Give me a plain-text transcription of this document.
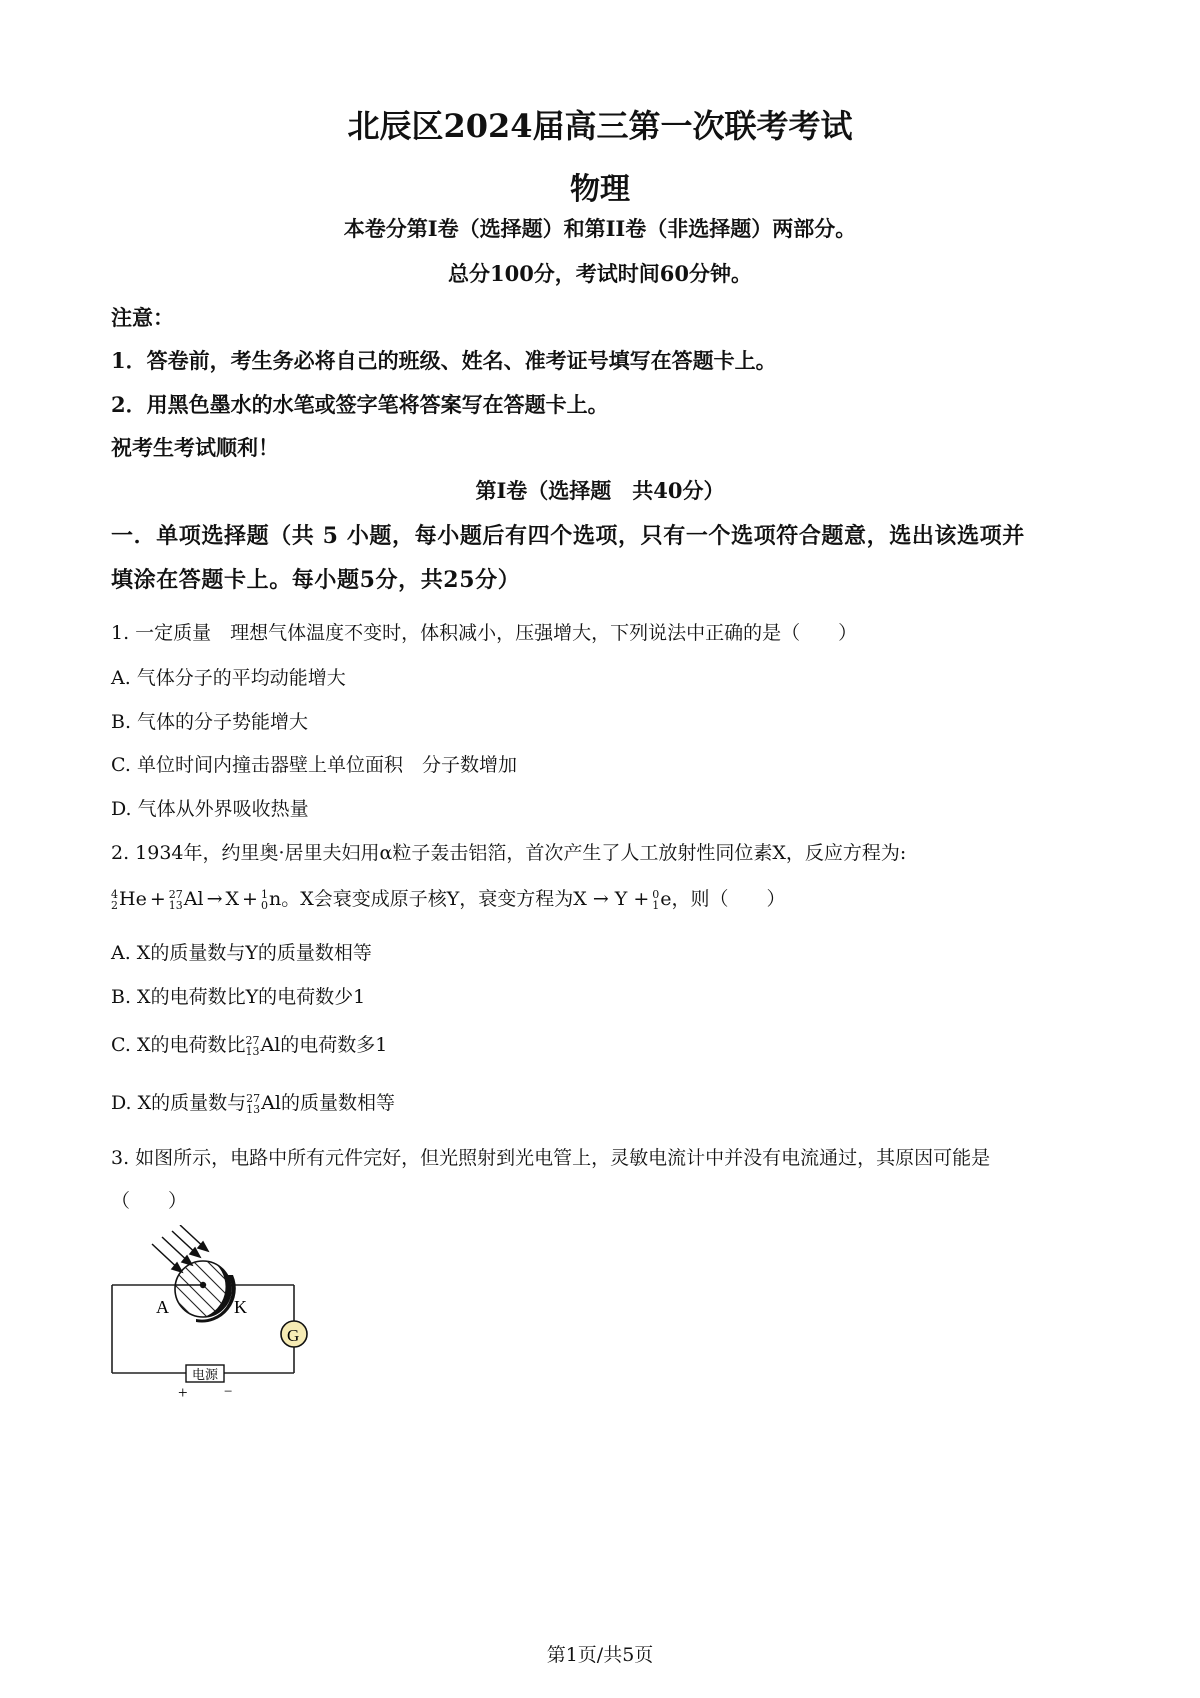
北辰区2024届高三第一次联考考试
物理
本卷分第I卷（选择题）和第II卷（非选择题）两部分。
总分100分，考试时间60分钟。
注意：
1．答卷前，考生务必将自己的班级、姓名、准考证号填写在答题卡上。
2．用黑色墨水的水笔或签字笔将答案写在答题卡上。
祝考生考试顺利！
第I卷（选择题　共40分）
一．单项选择题（共 5 小题，每小题后有四个选项，只有一个选项符合题意，选出该选项并
填涂在答题卡上。每小题5分，共25分）
1. 一定质量　理想气体温度不变时，体积减小，压强增大，下列说法中正确的是（　　）
A. 气体分子的平均动能增大
B. 气体的分子势能增大
C. 单位时间内撞击器壁上单位面积　分子数增加
D. 气体从外界吸收热量
2. 1934年，约里奥·居里夫妇用α粒子轰击铝箔，首次产生了人工放射性同位素X，反应方程为:
4
2 He + 27
13 Al → X + 1
0 n。X会衰变成原子核Y，衰变方程为X → Y + 0
1 e，则（　　）
A. X的质量数与Y的质量数相等
B. X的电荷数比Y的电荷数少1
C. X的电荷数比 27
13 Al的电荷数多1
D. X的质量数与 27
13 Al的质量数相等
3. 如图所示，电路中所有元件完好，但光照射到光电管上，灵敏电流计中并没有电流通过，其原因可能是
（　　）
A	K
G
电源
+ −
第1页/共5页
